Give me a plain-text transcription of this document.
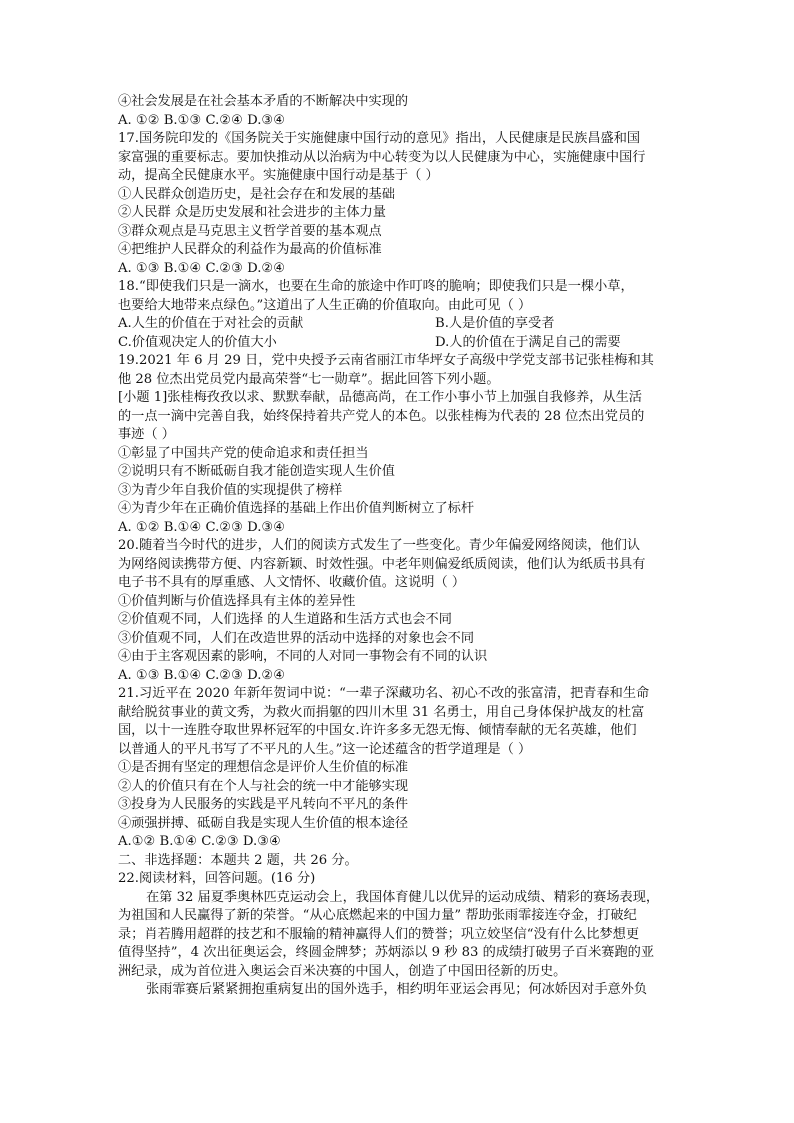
④社会发展是在社会基本矛盾的不断解决中实现的
A. ①② B.①③ C.②④ D.③④
17.国务院印发的《国务院关于实施健康中国行动的意见》指出，人民健康是民族昌盛和国
家富强的重要标志。要加快推动从以治病为中心转变为以人民健康为中心，实施健康中国行
动，提高全民健康水平。实施健康中国行动是基于（ ）
①人民群众创造历史，是社会存在和发展的基础
②人民群 众是历史发展和社会进步的主体力量
③群众观点是马克思主义哲学首要的基本观点
④把维护人民群众的利益作为最高的价值标准
A. ①③ B.①④ C.②③ D.②④
18.“即使我们只是一滴水，也要在生命的旅途中作叮咚的脆响；即使我们只是一棵小草，
也要给大地带来点绿色。”这道出了人生正确的价值取向。由此可见（ ）
A.人生的价值在于对社会的贡献	B.人是价值的享受者
C.价值观决定人的价值大小	D.人的价值在于满足自己的需要
19.2021 年 6 月 29 日，党中央授予云南省丽江市华坪女子高级中学党支部书记张桂梅和其
他 28 位杰出党员党内最高荣誉“七一勋章”。据此回答下列小题。
[小题 1]张桂梅孜孜以求、默默奉献，品德高尚，在工作小事小节上加强自我修养，从生活
的一点一滴中完善自我，始终保持着共产党人的本色。以张桂梅为代表的 28 位杰出党员的
事迹（ ）
①彰显了中国共产党的使命追求和责任担当
②说明只有不断砥砺自我才能创造实现人生价值
③为青少年自我价值的实现提供了榜样
④为青少年在正确价值选择的基础上作出价值判断树立了标杆
A. ①② B.①④ C.②③ D.③④
20.随着当今时代的进步，人们的阅读方式发生了一些变化。青少年偏爱网络阅读，他们认
为网络阅读携带方便、内容新颖、时效性强。中老年则偏爱纸质阅读，他们认为纸质书具有
电子书不具有的厚重感、人文情怀、收藏价值。这说明（ ）
①价值判断与价值选择具有主体的差异性
②价值观不同，人们选择 的人生道路和生活方式也会不同
③价值观不同，人们在改造世界的活动中选择的对象也会不同
④由于主客观因素的影响，不同的人对同一事物会有不同的认识
A. ①③ B.①④ C.②③ D.②④
21.习近平在 2020 年新年贺词中说：“一辈子深藏功名、初心不改的张富清，把青春和生命
献给脱贫事业的黄文秀，为救火而捐躯的四川木里 31 名勇士，用自己身体保护战友的杜富
国，以十一连胜夺取世界杯冠军的中国女.许许多多无怨无悔、倾情奉献的无名英雄，他们
以普通人的平凡书写了不平凡的人生。”这一论述蕴含的哲学道理是（ ）
①是否拥有坚定的理想信念是评价人生价值的标准
②人的价值只有在个人与社会的统一中才能够实现
③投身为人民服务的实践是平凡转向不平凡的条件
④顽强拼搏、砥砺自我是实现人生价值的根本途径
A.①② B.①④ C.②③ D.③④
二、非选择题：本题共 2 题，共 26 分。
22.阅读材料，回答问题。(16 分)
在第 32 届夏季奥林匹克运动会上，我国体育健儿以优异的运动成绩、精彩的赛场表现，
为祖国和人民赢得了新的荣誉。“从心底燃起来的中国力量” 帮助张雨霏接连夺金，打破纪
录；肖若腾用超群的技艺和不服输的精神赢得人们的赞誉；巩立姣坚信“没有什么比梦想更
值得坚持”，4 次出征奥运会，终圆金牌梦；苏炳添以 9 秒 83 的成绩打破男子百米赛跑的亚
洲纪录，成为首位进入奥运会百米决赛的中国人，创造了中国田径新的历史。
张雨霏赛后紧紧拥抱重病复出的国外选手，相约明年亚运会再见；何冰娇因对手意外负
